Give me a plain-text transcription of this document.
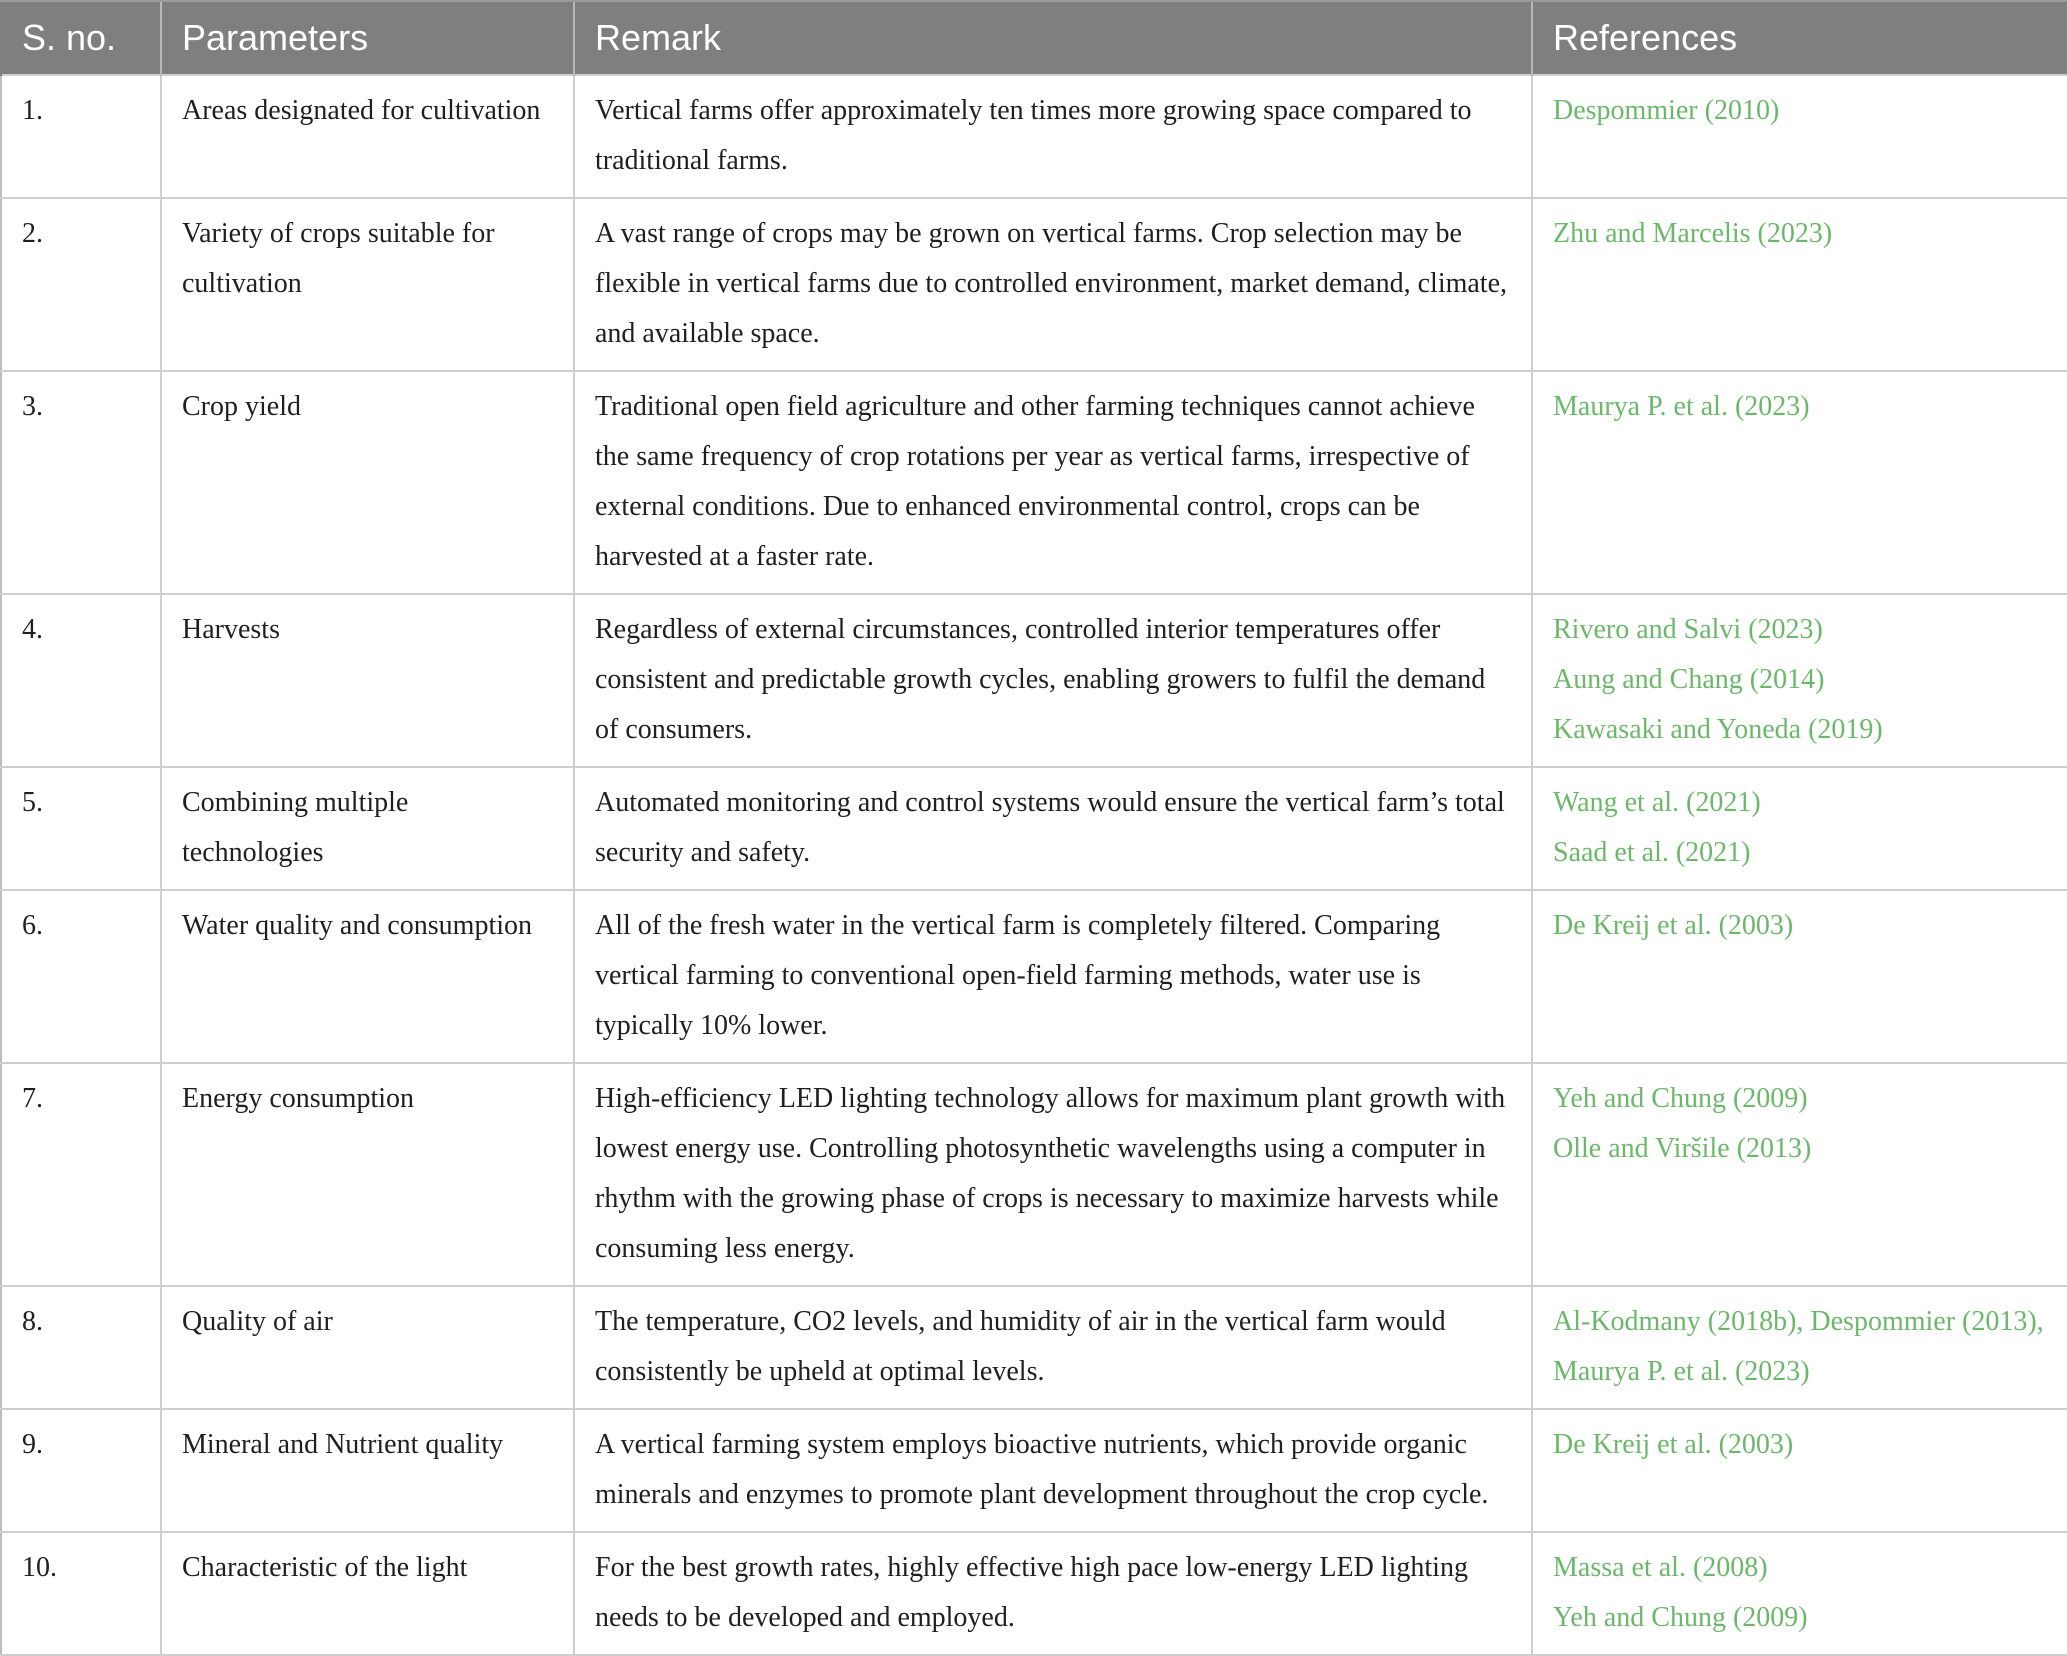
S. no.	Parameters	Remark	References
1.	Areas designated for cultivation	Vertical farms offer approximately ten times more growing space compared to traditional farms.	Despommier (2010)

2.	Variety of crops suitable for cultivation	A vast range of crops may be grown on vertical farms. Crop selection may be flexible in vertical farms due to controlled environment, market demand, climate, and available space.	Zhu and Marcelis (2023)

3.	Crop yield	Traditional open field agriculture and other farming techniques cannot achieve the same frequency of crop rotations per year as vertical farms, irrespective of external conditions. Due to enhanced environmental control, crops can be harvested at a faster rate.	Maurya P. et al. (2023)

4.	Harvests	Regardless of external circumstances, controlled interior temperatures offer consistent and predictable growth cycles, enabling growers to fulfil the demand of consumers.	Rivero and Salvi (2023)
Aung and Chang (2014)
Kawasaki and Yoneda (2019)

5.	Combining multiple technologies	Automated monitoring and control systems would ensure the vertical farm’s total security and safety.	Wang et al. (2021)
Saad et al. (2021)

6.	Water quality and consumption	All of the fresh water in the vertical farm is completely filtered. Comparing vertical farming to conventional open-field farming methods, water use is typically 10% lower.	De Kreij et al. (2003)

7.	Energy consumption	High-efficiency LED lighting technology allows for maximum plant growth with lowest energy use. Controlling photosynthetic wavelengths using a computer in rhythm with the growing phase of crops is necessary to maximize harvests while consuming less energy.	Yeh and Chung (2009)
Olle and Viršile (2013)

8.	Quality of air	The temperature, CO2 levels, and humidity of air in the vertical farm would consistently be upheld at optimal levels.	Al-Kodmany (2018b), Despommier (2013), Maurya P. et al. (2023)

9.	Mineral and Nutrient quality	A vertical farming system employs bioactive nutrients, which provide organic minerals and enzymes to promote plant development throughout the crop cycle.	De Kreij et al. (2003)

10.	Characteristic of the light	For the best growth rates, highly effective high pace low-energy LED lighting needs to be developed and employed.	Massa et al. (2008)
Yeh and Chung (2009)
